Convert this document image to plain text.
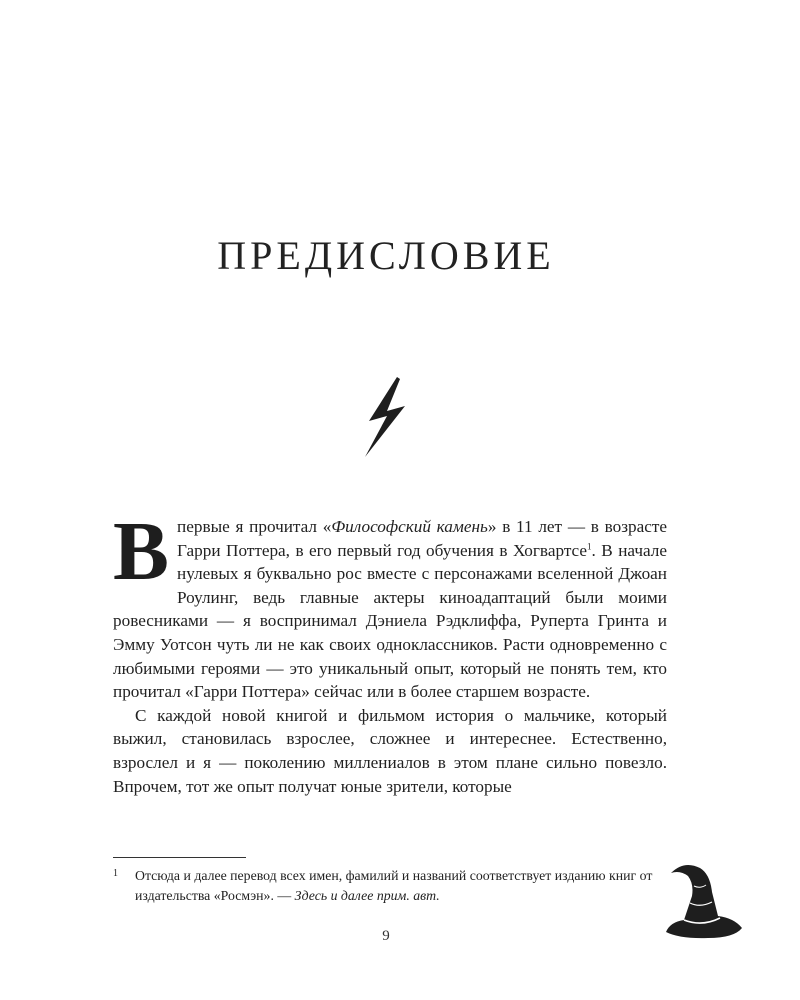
ПРЕДИСЛОВИЕ

Впервые я прочитал «Философский камень» в 11 лет — в возрасте Гарри Поттера, в его первый год обучения в Хогвартсе$^1$. В начале нулевых я буквально рос вместе с персонажами вселенной Джоан Роулинг, ведь главные актеры киноадаптаций были моими ровесниками — я воспринимал Дэниела Рэдклиффа, Руперта Гринта и Эмму Уотсон чуть ли не как своих одноклассников. Расти одновременно с любимыми героями — это уникальный опыт, который не понять тем, кто прочитал «Гарри Поттера» сейчас или в более старшем возрасте.

С каждой новой книгой и фильмом история о мальчике, который выжил, становилась взрослее, сложнее и интереснее. Естественно, взрослел и я — поколению миллениалов в этом плане сильно повезло. Впрочем, тот же опыт получат юные зрители, которые

1 Отсюда и далее перевод всех имен, фамилий и названий соответствует изданию книг от издательства «Росмэн». — Здесь и далее прим. авт.
9
